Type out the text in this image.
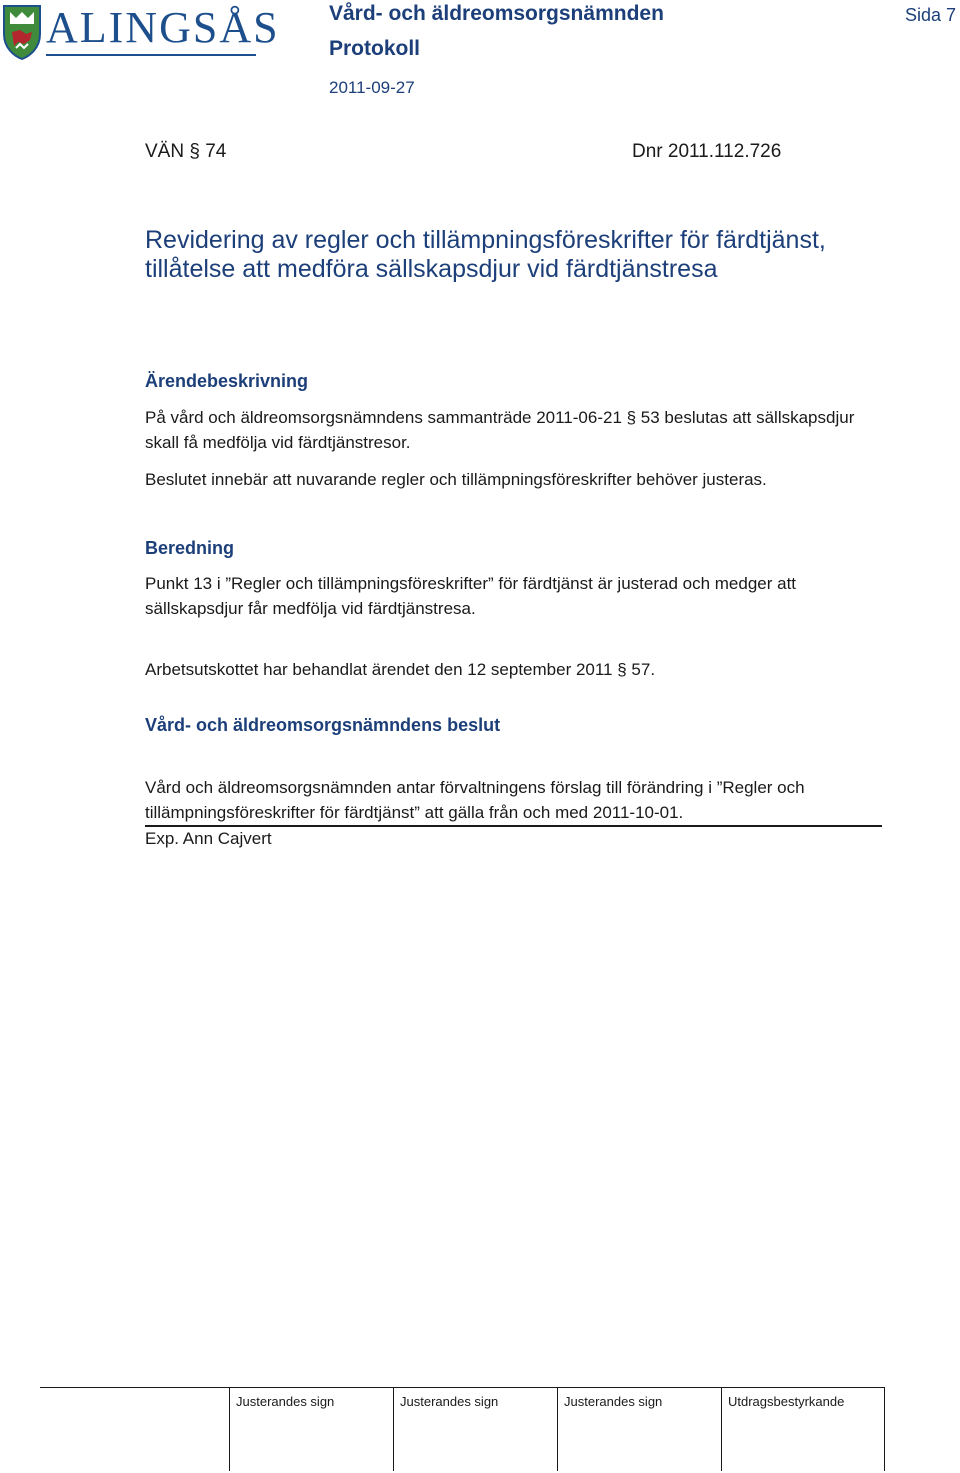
ALINGSÅS Vård- och äldreomsorgsnämnden
Protokoll
2011-09-27
Sida 7
VÄN § 74	Dnr 2011.112.726
Revidering av regler och tillämpningsföreskrifter för färdtjänst, tillåtelse att medföra sällskapsdjur vid färdtjänstresa
Ärendebeskrivning
På vård och äldreomsorgsnämndens sammanträde 2011-06-21 § 53 beslutas att sällskapsdjur skall få medfölja vid färdtjänstresor.
Beslutet innebär att nuvarande regler och tillämpningsföreskrifter behöver justeras.
Beredning
Punkt 13 i ”Regler och tillämpningsföreskrifter” för färdtjänst är justerad och medger att sällskapsdjur får medfölja vid färdtjänstresa.
Arbetsutskottet har behandlat ärendet den 12 september 2011 § 57.
Vård- och äldreomsorgsnämndens beslut
Vård och äldreomsorgsnämnden antar förvaltningens förslag till förändring i ”Regler och tillämpningsföreskrifter för färdtjänst” att gälla från och med 2011-10-01.
Exp. Ann Cajvert
Justerandes sign	Justerandes sign	Justerandes sign	Utdragsbestyrkande
